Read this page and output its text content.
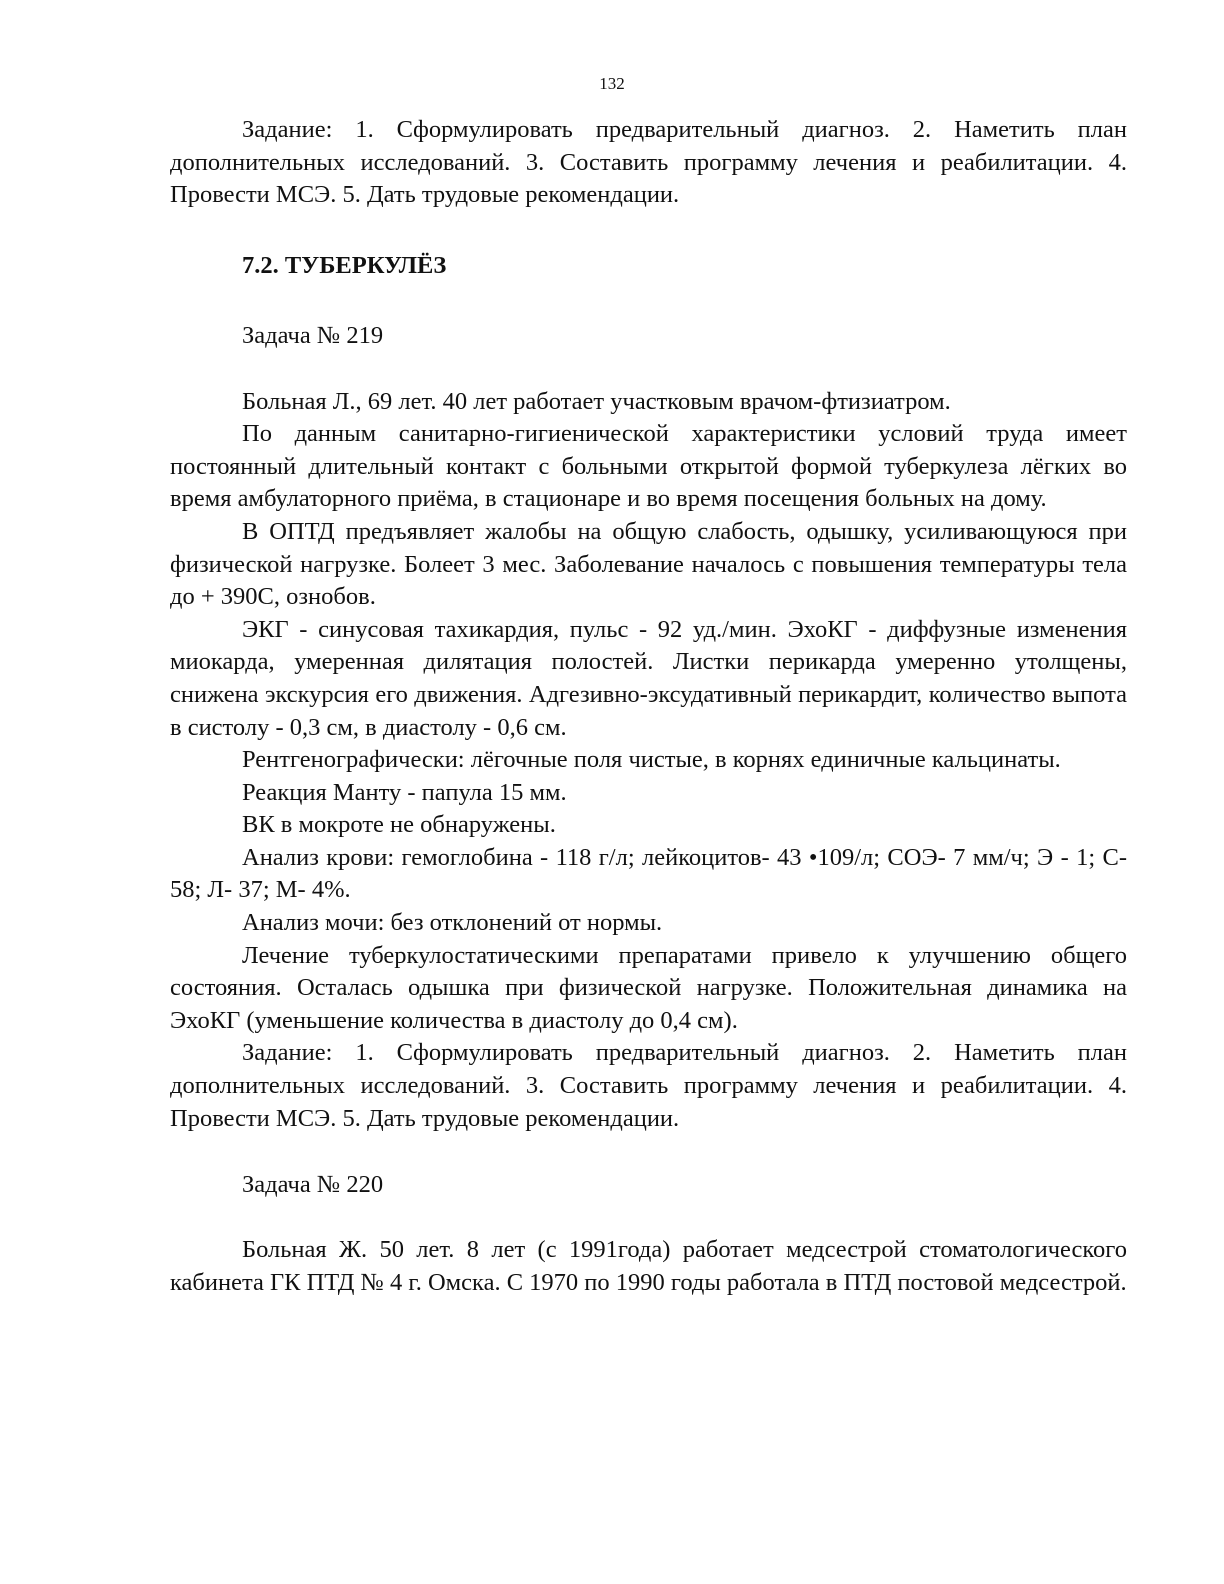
132

Задание: 1. Сформулировать предварительный диагноз. 2. Наметить план дополнительных исследований. 3. Составить программу лечения и реабилитации. 4. Провести МСЭ. 5. Дать трудовые рекомендации.

7.2. ТУБЕРКУЛЁЗ

Задача № 219

Больная Л., 69 лет. 40 лет работает участковым врачом-фтизиатром.

По данным санитарно-гигиенической характеристики условий труда имеет постоянный длительный контакт с больными открытой формой туберкулеза лёгких во время амбулаторного приёма, в стационаре и во время посещения больных на дому.

В ОПТД предъявляет жалобы на общую слабость, одышку, усиливающуюся при физической нагрузке. Болеет 3 мес. Заболевание началось с повышения температуры тела до + 390С, ознобов.

ЭКГ - синусовая тахикардия, пульс - 92 уд./мин. ЭхоКГ - диффузные изменения миокарда, умеренная дилятация полостей. Листки перикарда умеренно утолщены, снижена экскурсия его движения. Адгезивно-эксудативный перикардит, количество выпота в систолу - 0,3 см, в диастолу - 0,6 см.

Рентгенографически: лёгочные поля чистые, в корнях единичные кальцинаты.

Реакция Манту - папула 15 мм.

ВК в мокроте не обнаружены.

Анализ крови: гемоглобина - 118 г/л; лейкоцитов- 43 •109/л; СОЭ- 7 мм/ч; Э - 1; С- 58; Л- 37; М- 4%.

Анализ мочи: без отклонений от нормы.

Лечение туберкулостатическими препаратами привело к улучшению общего состояния. Осталась одышка при физической нагрузке. Положительная динамика на ЭхоКГ (уменьшение количества в диастолу до 0,4 см).

Задание: 1. Сформулировать предварительный диагноз. 2. Наметить план дополнительных исследований. 3. Составить программу лечения и реабилитации. 4. Провести МСЭ. 5. Дать трудовые рекомендации.

Задача № 220

Больная Ж. 50 лет. 8 лет (с 1991года) работает медсестрой стоматологического кабинета ГК ПТД № 4 г. Омска. С 1970 по 1990 годы работала в ПТД постовой медсестрой.
